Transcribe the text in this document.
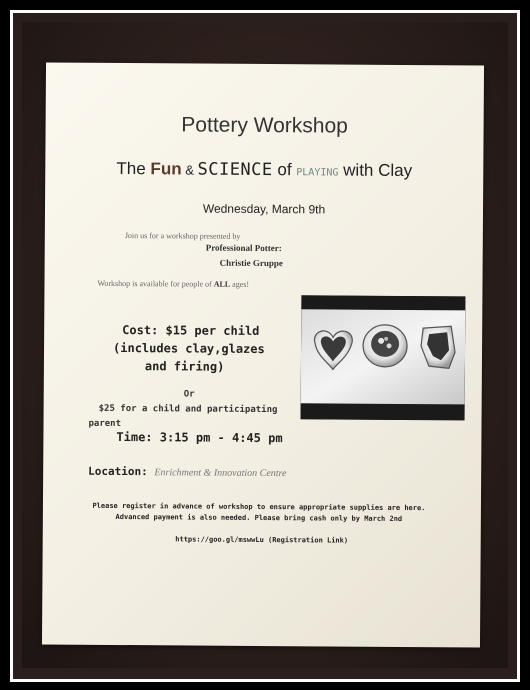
Pottery Workshop
The Fun & SCIENCE of PLAYING with Clay
Wednesday, March 9th
Join us for a workshop presented by
Professional Potter:
Christie Gruppe
Workshop is available for people of ALL ages!
Cost: $15 per child
(includes clay,glazes
and firing)
Or
$25 for a child and participating
parent
Time: 3:15 pm - 4:45 pm
Location: Enrichment & Innovation Centre
Please register in advance of workshop to ensure appropriate supplies are here. Advanced payment is also needed. Please bring cash only by March 2nd
https://goo.gl/mswwLu (Registration Link)
